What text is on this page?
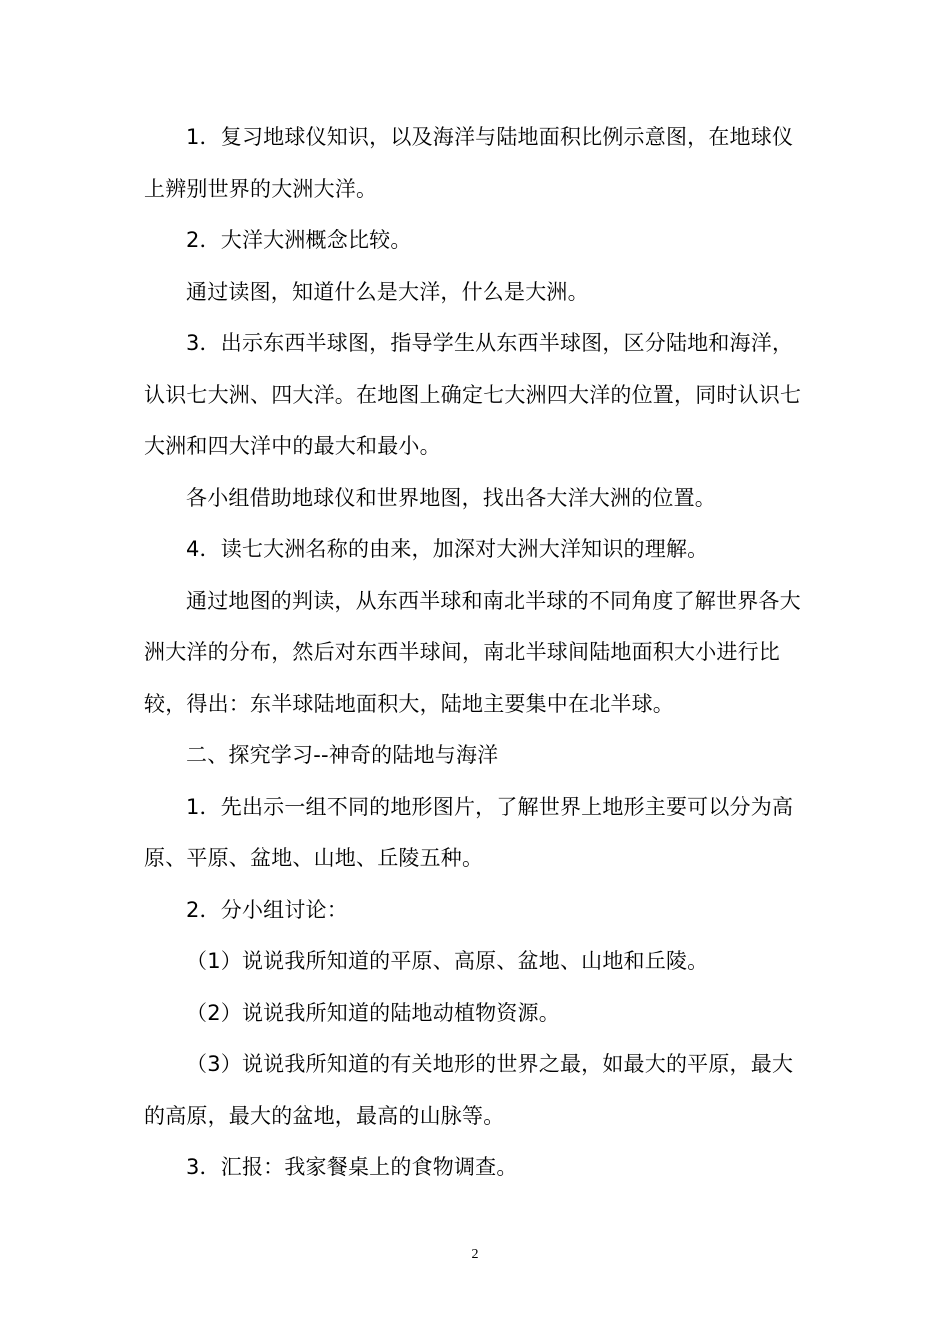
1．复习地球仪知识，以及海洋与陆地面积比例示意图，在地球仪上辨别世界的大洲大洋。

2．大洋大洲概念比较。

通过读图，知道什么是大洋，什么是大洲。

3．出示东西半球图，指导学生从东西半球图，区分陆地和海洋，认识七大洲、四大洋。在地图上确定七大洲四大洋的位置，同时认识七大洲和四大洋中的最大和最小。

各小组借助地球仪和世界地图，找出各大洋大洲的位置。

4．读七大洲名称的由来，加深对大洲大洋知识的理解。

通过地图的判读，从东西半球和南北半球的不同角度了解世界各大洲大洋的分布，然后对东西半球间，南北半球间陆地面积大小进行比较，得出：东半球陆地面积大，陆地主要集中在北半球。

二、探究学习--神奇的陆地与海洋

1．先出示一组不同的地形图片，了解世界上地形主要可以分为高原、平原、盆地、山地、丘陵五种。

2．分小组讨论：

（1）说说我所知道的平原、高原、盆地、山地和丘陵。

（2）说说我所知道的陆地动植物资源。

（3）说说我所知道的有关地形的世界之最，如最大的平原，最大的高原，最大的盆地，最高的山脉等。

3．汇报：我家餐桌上的食物调查。

2
